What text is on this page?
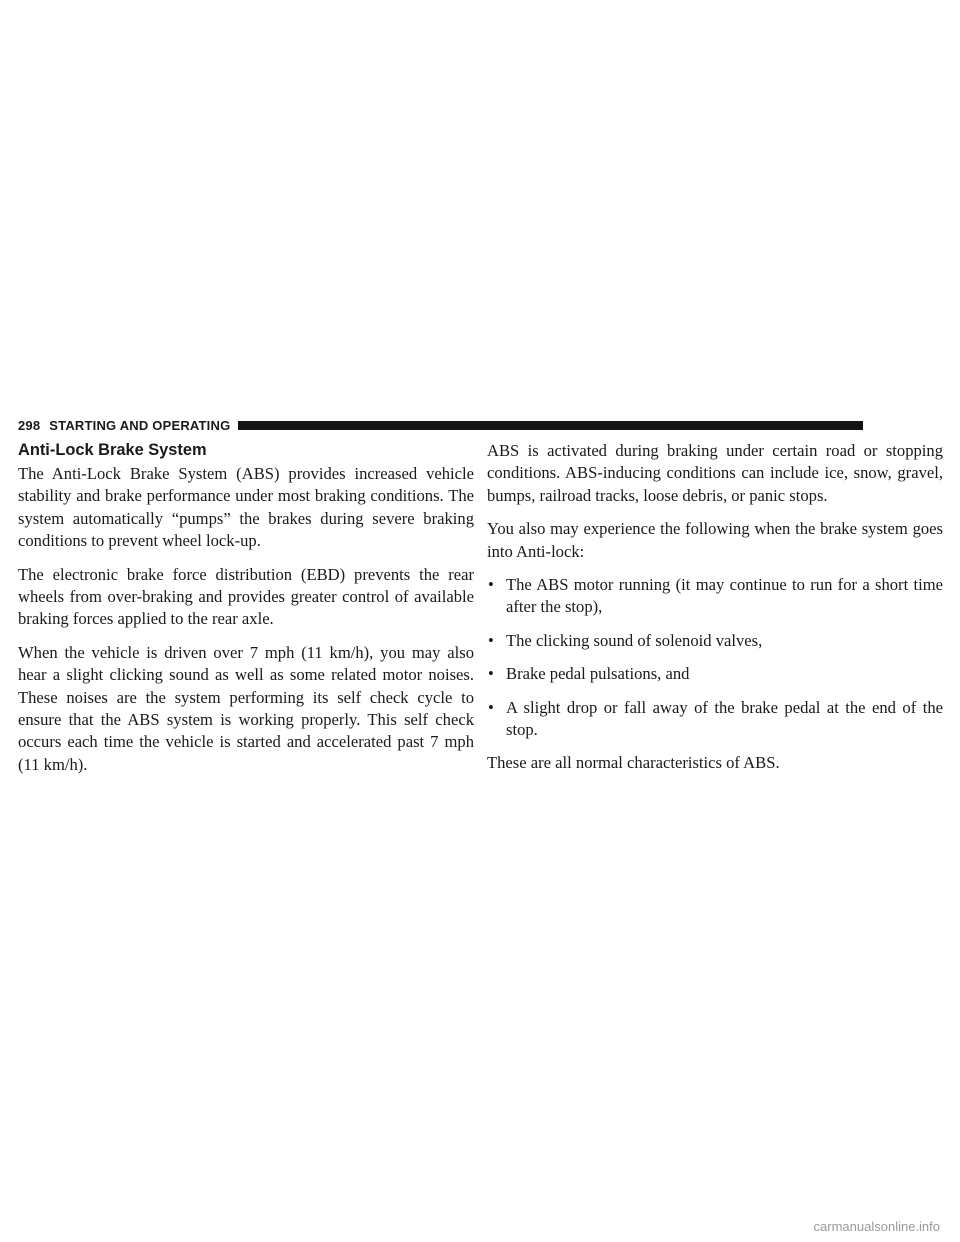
298 STARTING AND OPERATING
Anti-Lock Brake System

The Anti-Lock Brake System (ABS) provides increased vehicle stability and brake performance under most braking conditions. The system automatically “pumps” the brakes during severe braking conditions to prevent wheel lock-up.

The electronic brake force distribution (EBD) prevents the rear wheels from over-braking and provides greater control of available braking forces applied to the rear axle.

When the vehicle is driven over 7 mph (11 km/h), you may also hear a slight clicking sound as well as some related motor noises. These noises are the system performing its self check cycle to ensure that the ABS system is working properly. This self check occurs each time the vehicle is started and accelerated past 7 mph (11 km/h).

ABS is activated during braking under certain road or stopping conditions. ABS-inducing conditions can include ice, snow, gravel, bumps, railroad tracks, loose debris, or panic stops.

You also may experience the following when the brake system goes into Anti-lock:

• The ABS motor running (it may continue to run for a short time after the stop),
• The clicking sound of solenoid valves,
• Brake pedal pulsations, and
• A slight drop or fall away of the brake pedal at the end of the stop.

These are all normal characteristics of ABS.

carmanualsonline.info
